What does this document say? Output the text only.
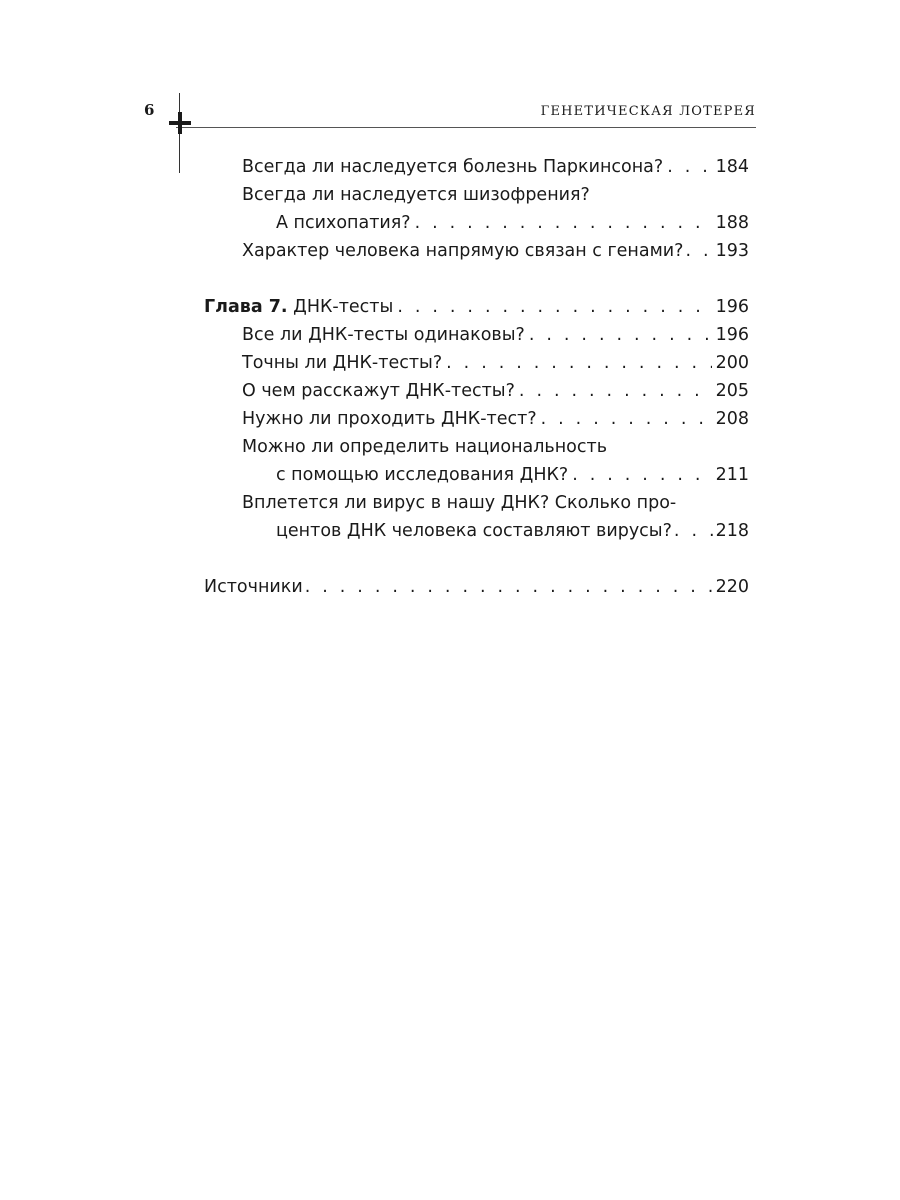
6	ГЕНЕТИЧЕСКАЯ ЛОТЕРЕЯ
Всегда ли наследуется болезнь Паркинсона? . . .	184
Всегда ли наследуется шизофрения?
А психопатия? . . .	188
Характер человека напрямую связан с генами? . . . 193
Глава 7. ДНК-тесты . . .	196
Все ли ДНК-тесты одинаковы? . . .	196
Точны ли ДНК-тесты? . . .	200
О чем расскажут ДНК-тесты? . . .	205
Нужно ли проходить ДНК-тест? . . .	208
Можно ли определить национальность
с помощью исследования ДНК? . . .	211
Вплетется ли вирус в нашу ДНК? Сколько про-
центов ДНК человека составляют вирусы? . . . 218
Источники . . .	220
